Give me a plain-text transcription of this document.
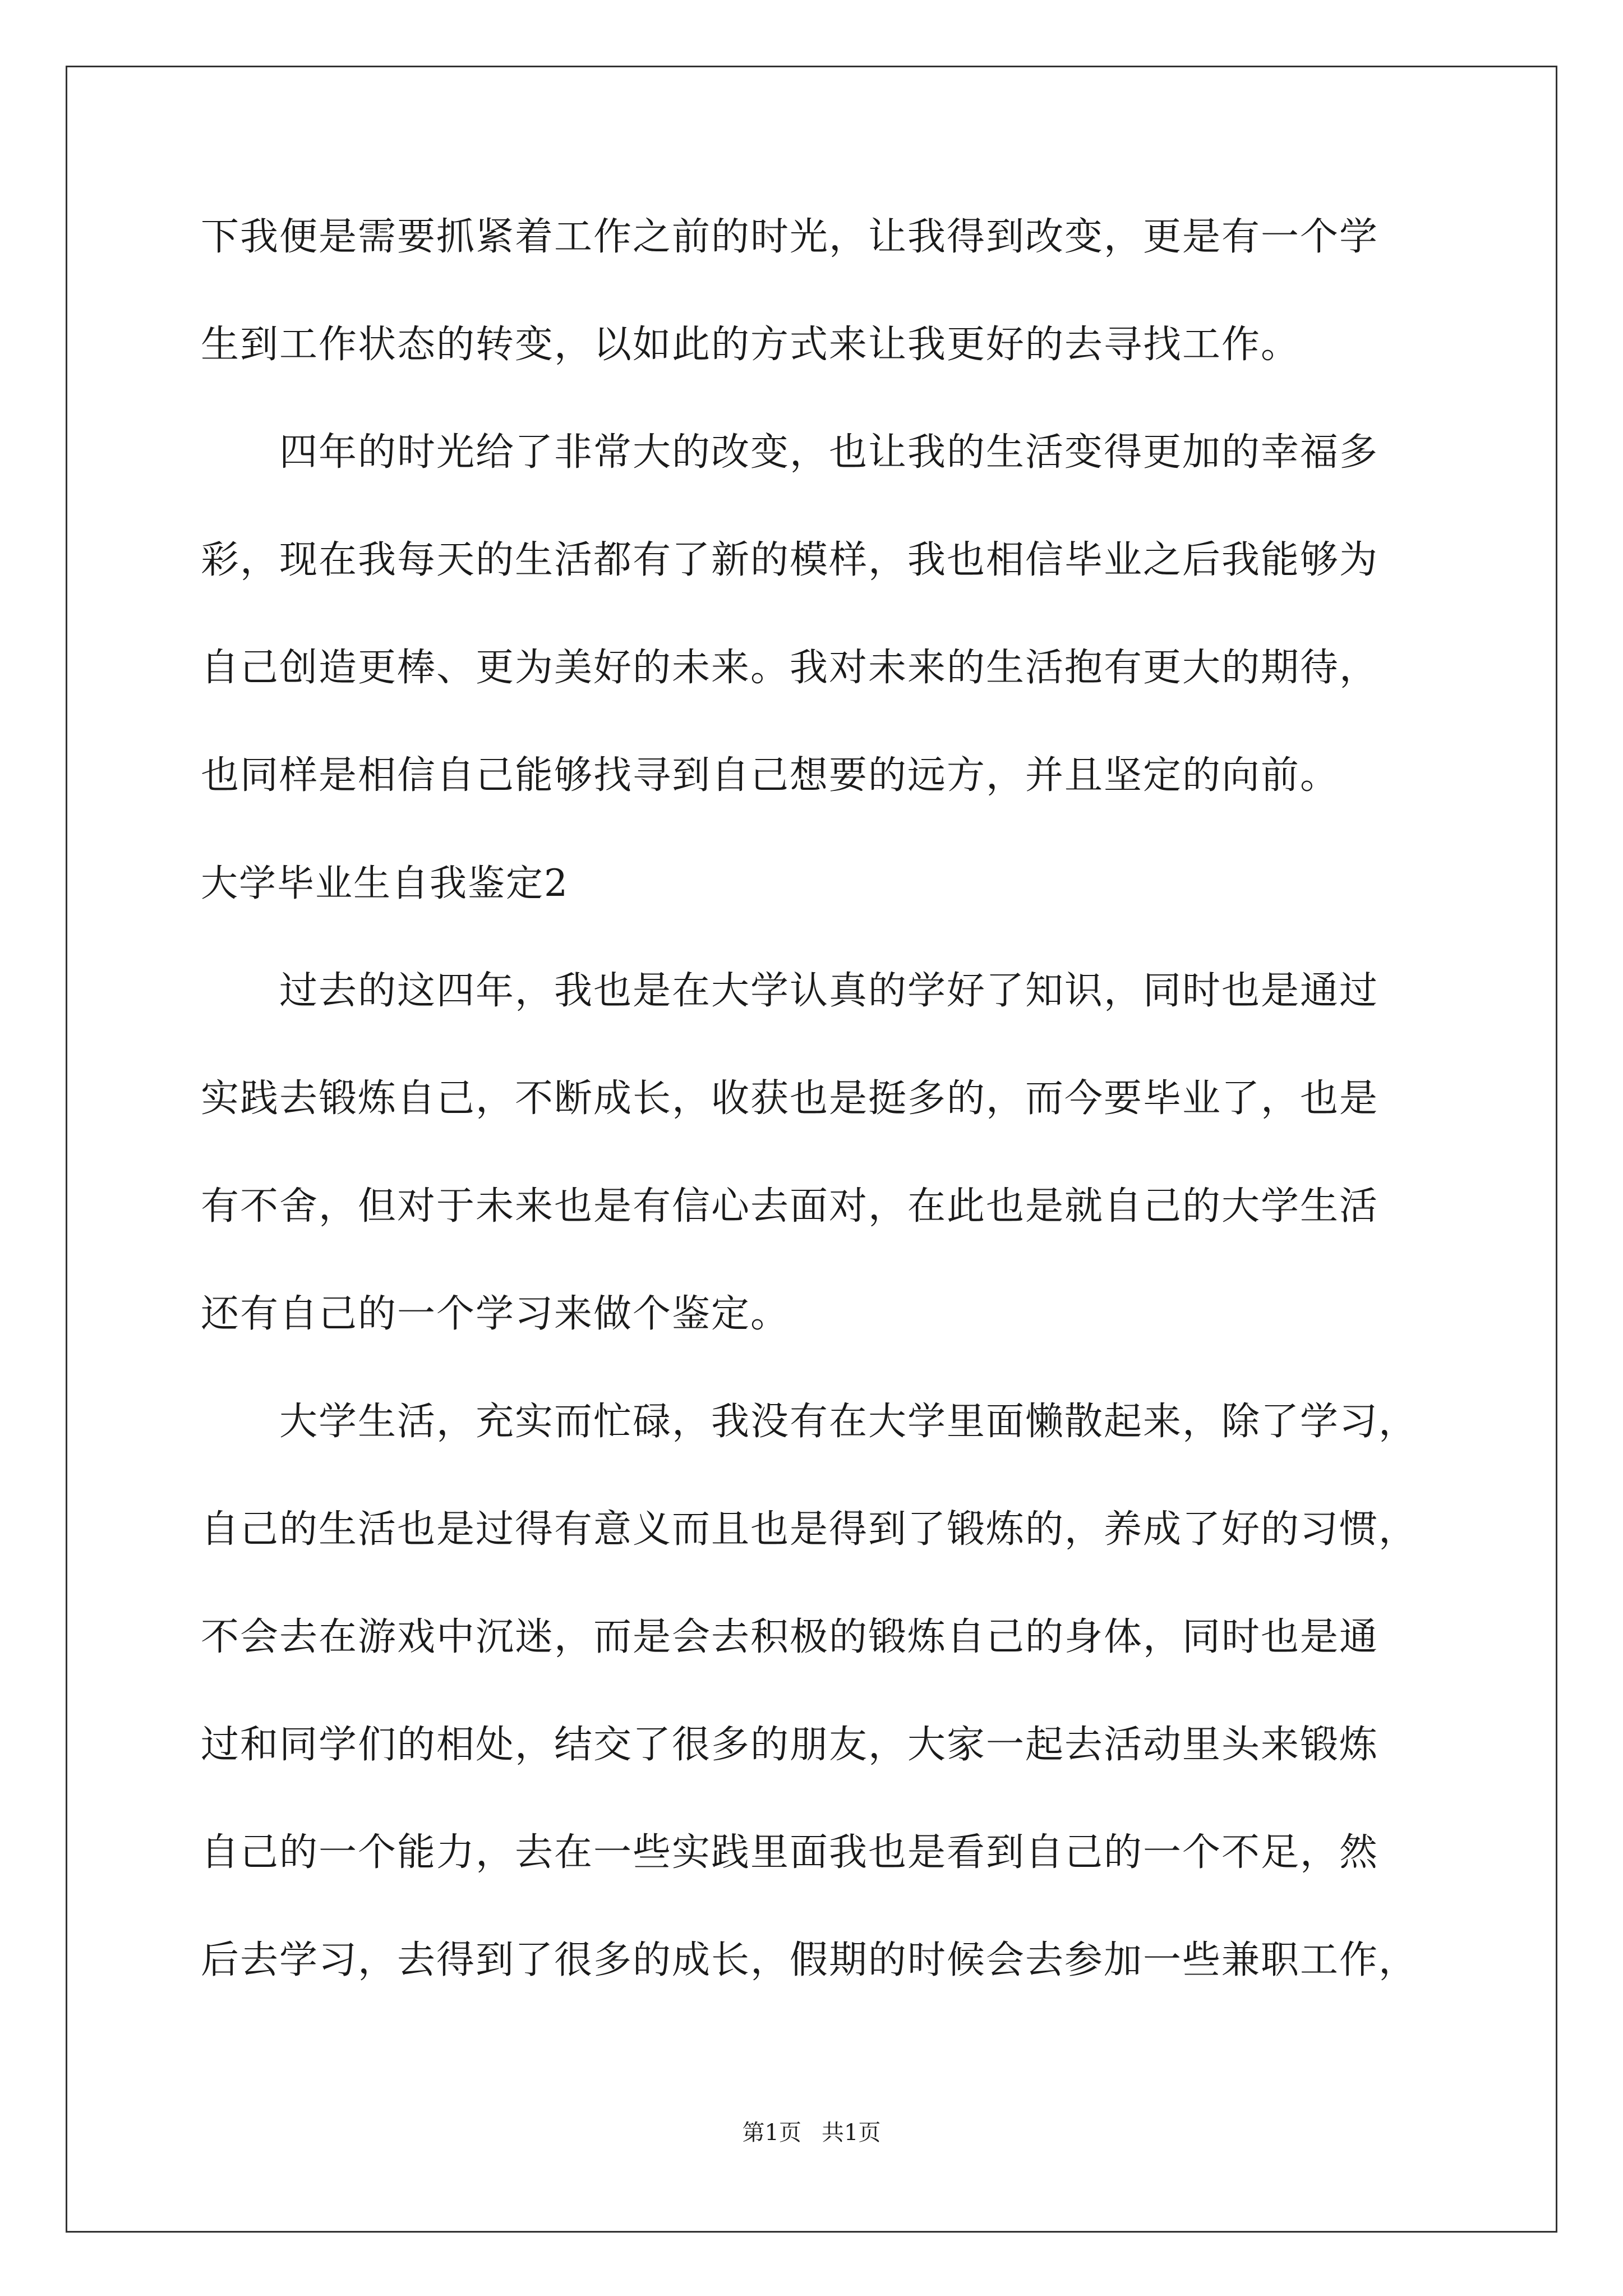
下我便是需要抓紧着工作之前的时光，让我得到改变，更是有一个学
生到工作状态的转变，以如此的方式来让我更好的去寻找工作。
四年的时光给了非常大的改变，也让我的生活变得更加的幸福多
彩，现在我每天的生活都有了新的模样，我也相信毕业之后我能够为
自己创造更棒、更为美好的未来。我对未来的生活抱有更大的期待，
也同样是相信自己能够找寻到自己想要的远方，并且坚定的向前。
大学毕业生自我鉴定2
过去的这四年，我也是在大学认真的学好了知识，同时也是通过
实践去锻炼自己，不断成长，收获也是挺多的，而今要毕业了，也是
有不舍，但对于未来也是有信心去面对，在此也是就自己的大学生活
还有自己的一个学习来做个鉴定。
大学生活，充实而忙碌，我没有在大学里面懒散起来，除了学习，
自己的生活也是过得有意义而且也是得到了锻炼的，养成了好的习惯，
不会去在游戏中沉迷，而是会去积极的锻炼自己的身体，同时也是通
过和同学们的相处，结交了很多的朋友，大家一起去活动里头来锻炼
自己的一个能力，去在一些实践里面我也是看到自己的一个不足，然
后去学习，去得到了很多的成长，假期的时候会去参加一些兼职工作，
第1页 共1页
